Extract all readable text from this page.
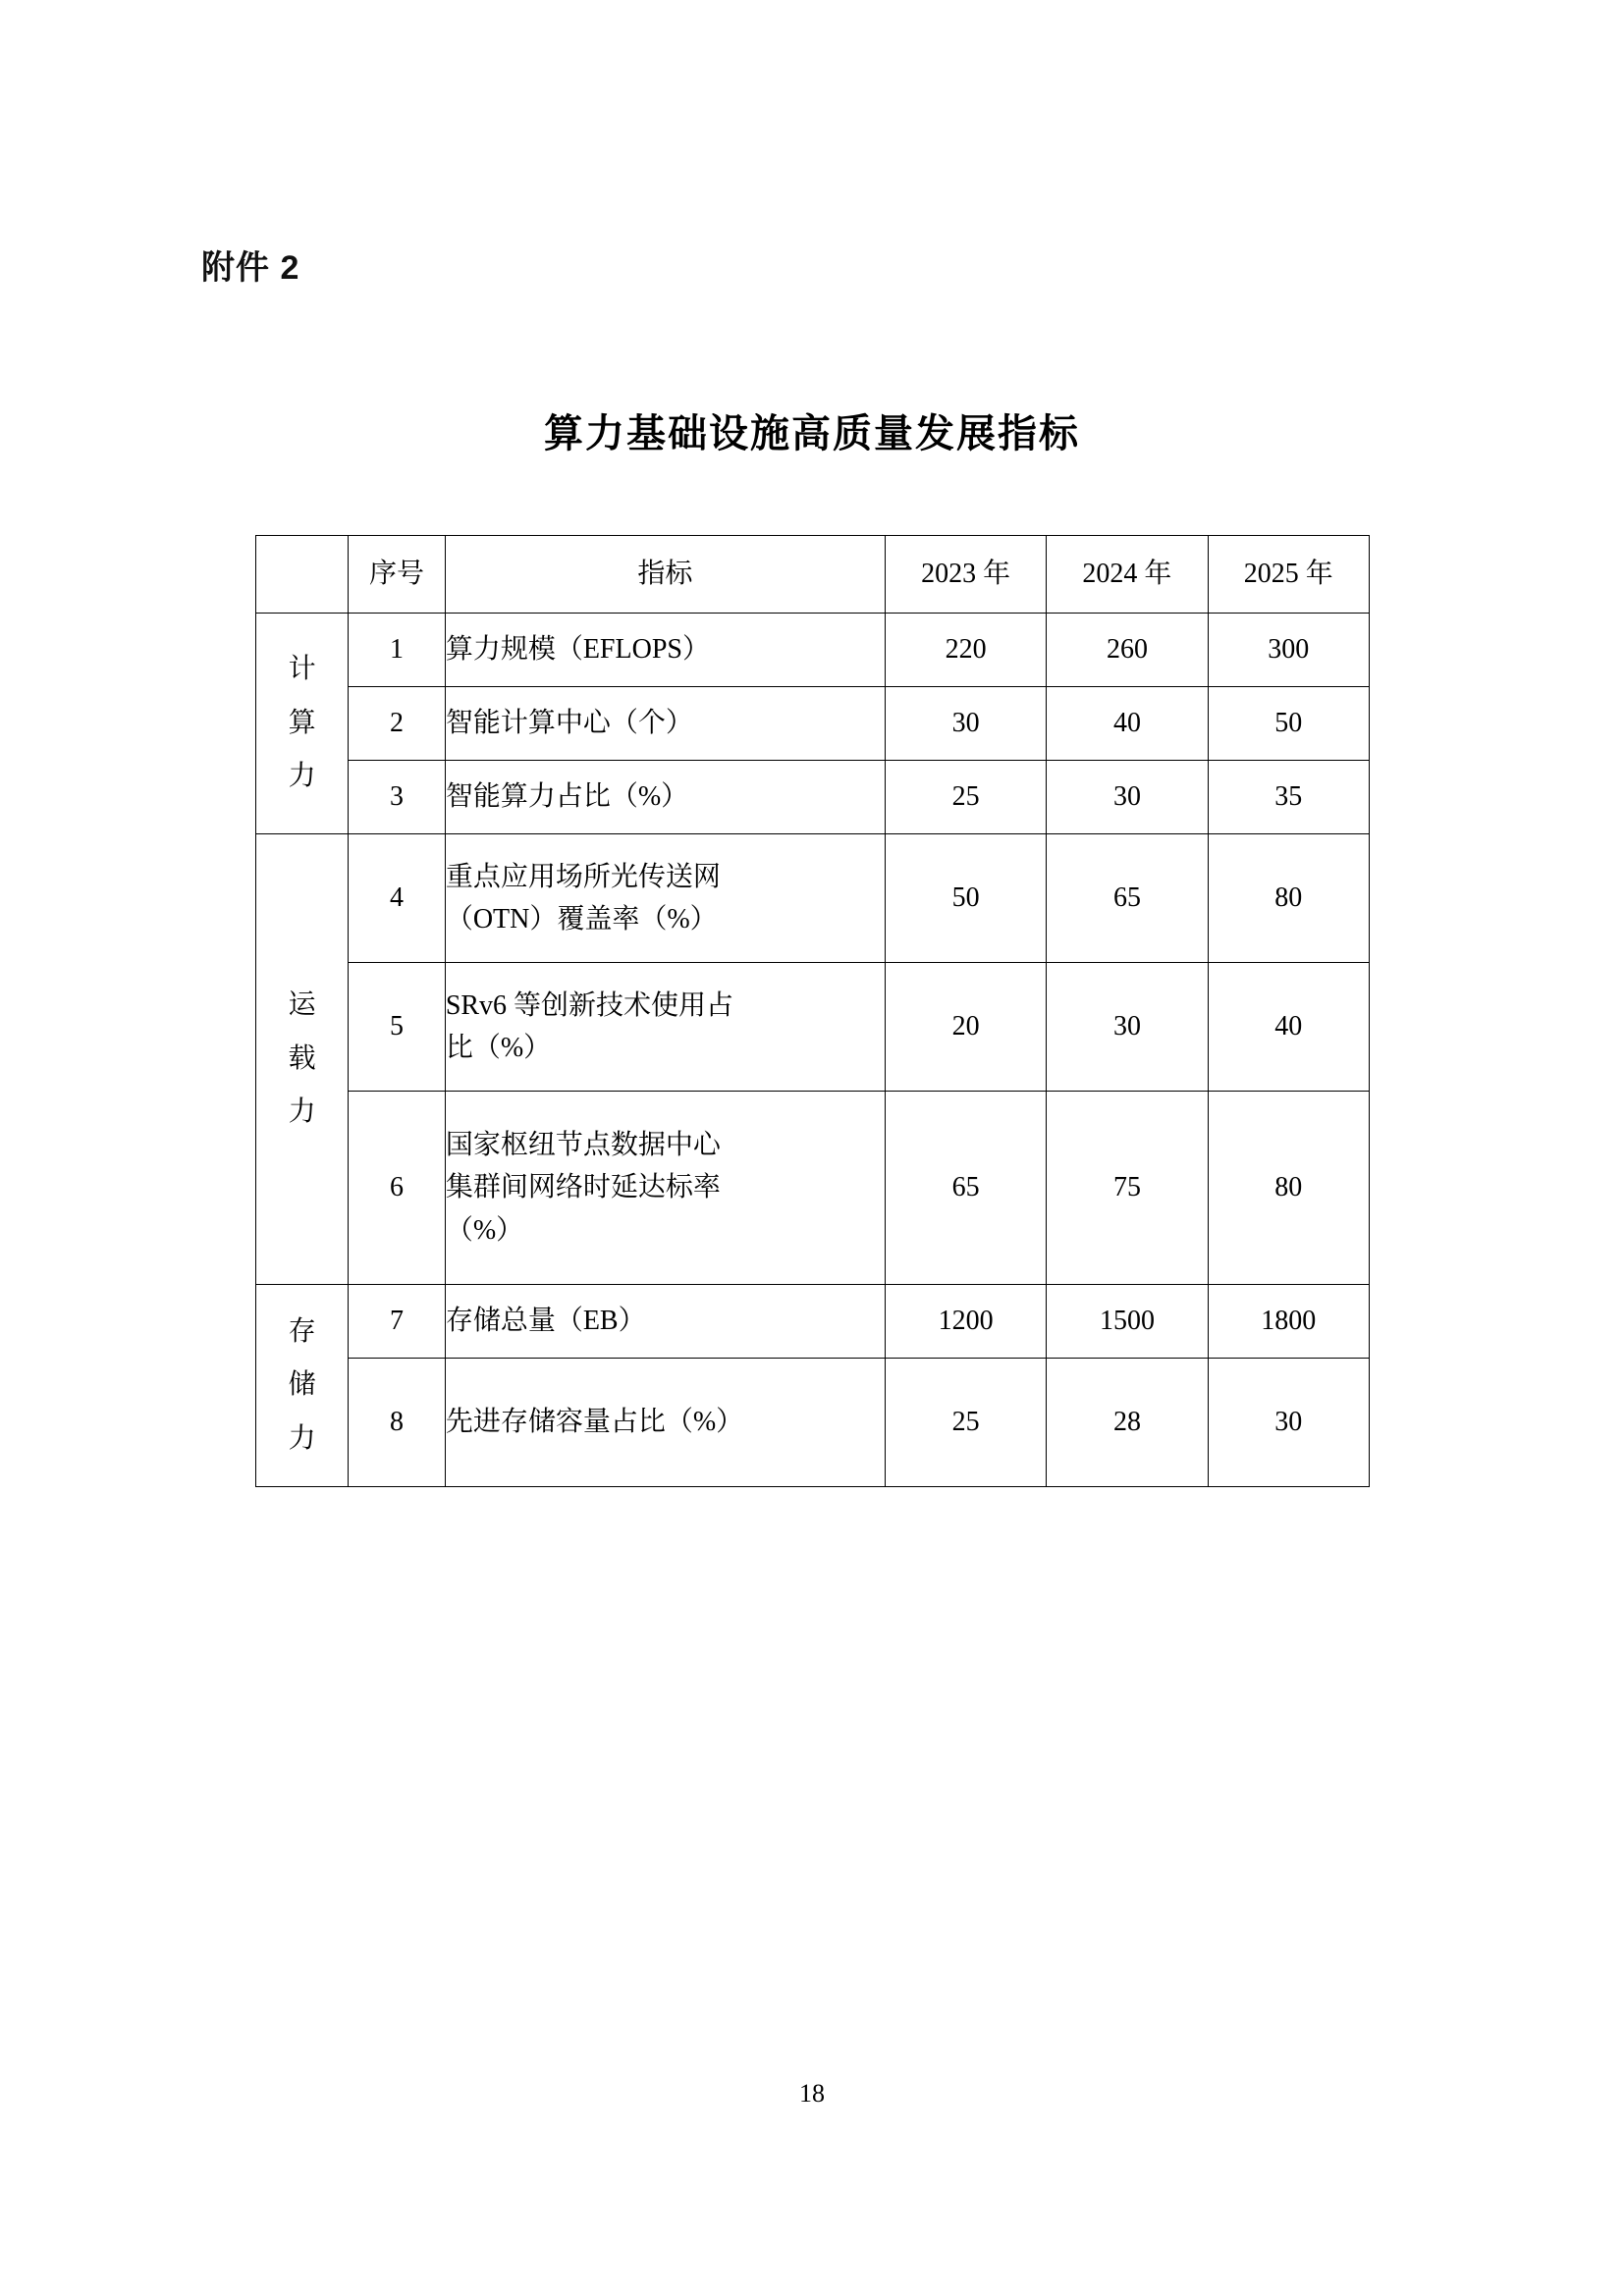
附件 2
算力基础设施高质量发展指标
	序号	指标	2023 年	2024 年	2025 年

计
算
力	1	算力规模（EFLOPS）	220	260	300
	2	智能计算中心（个）	30	40	50
	3	智能算力占比（%）	25	30	35

运
载
力	4	重点应用场所光传送网
（OTN）覆盖率（%）	50	65	80
	5	SRv6 等创新技术使用占
比（%）	20	30	40
	6	国家枢纽节点数据中心
集群间网络时延达标率
（%）	65	75	80

存
储
力	7	存储总量（EB）	1200	1500	1800
	8	先进存储容量占比（%）	25	28	30
18
